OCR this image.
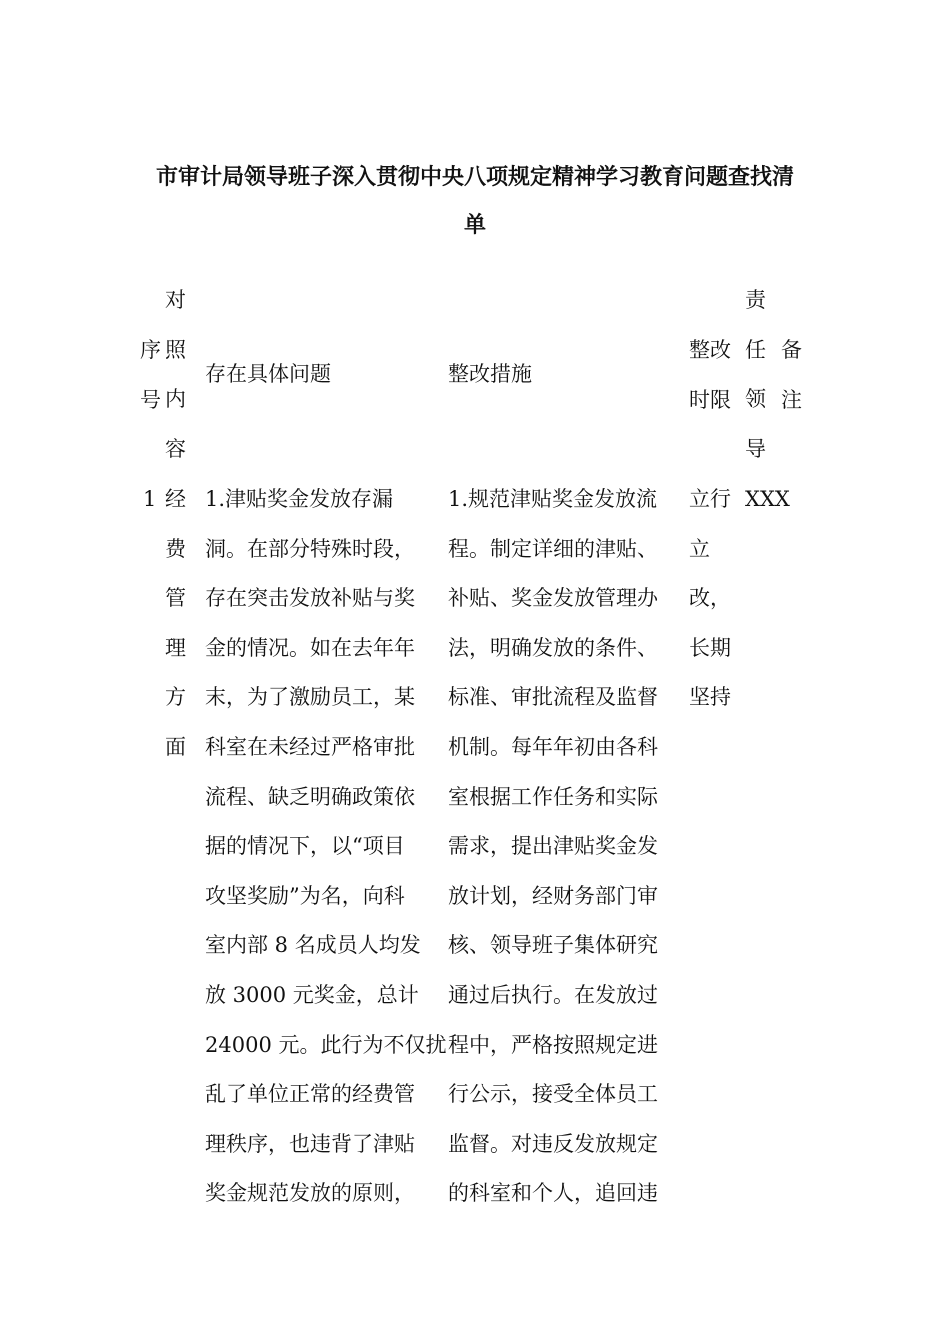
市审计局领导班子深入贯彻中央八项规定精神学习教育问题查找清
单
序
号
对
照
内
容
存在具体问题	整改措施
整改
时限
责
任
领
导
备
注
1 经
费
管
理
方
面
1.津贴奖金发放存漏
洞。在部分特殊时段，
存在突击发放补贴与奖
金的情况。如在去年年
末，为了激励员工，某
科室在未经过严格审批
流程、缺乏明确政策依
据的情况下，以“项目
攻坚奖励”为名，向科
室内部 8 名成员人均发
放 3000 元奖金，总计
24000 元。此行为不仅扰
乱了单位正常的经费管
理秩序，也违背了津贴
奖金规范发放的原则，
1.规范津贴奖金发放流
程。制定详细的津贴、
补贴、奖金发放管理办
法，明确发放的条件、
标准、审批流程及监督
机制。每年年初由各科
室根据工作任务和实际
需求，提出津贴奖金发
放计划，经财务部门审
核、领导班子集体研究
通过后执行。在发放过
程中，严格按照规定进
行公示，接受全体员工
监督。对违反发放规定
的科室和个人，追回违
立行
立
改，
长期
坚持
XXX
